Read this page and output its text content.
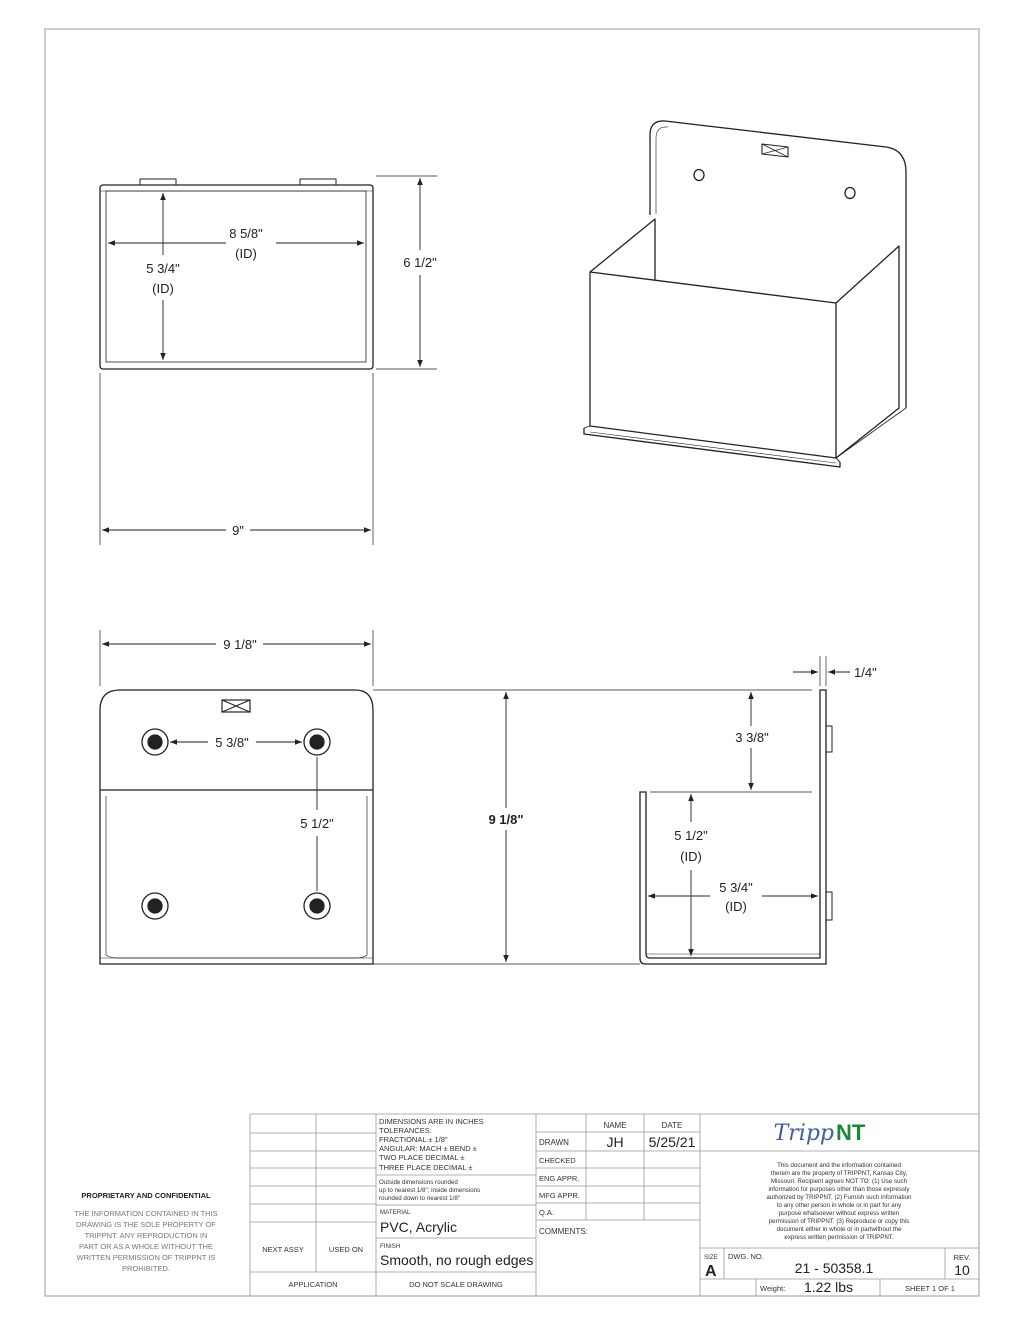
8 5/8"
(ID)
5 3/4"
(ID)
6 1/2"
9"
9 1/8"
5 3/8"
5 1/2"	9 1/8"
1/4"
3 3/8"
5 1/2"
(ID)
5 3/4"
(ID)
PROPRIETARY AND CONFIDENTIAL
THE INFORMATION CONTAINED IN THIS
DRAWING IS THE SOLE PROPERTY OF
TRIPPNT. ANY REPRODUCTION IN
PART OR AS A WHOLE WITHOUT THE
WRITTEN PERMISSION OF TRIPPNT IS
PROHIBITED.
NEXT ASSY	USED ON
APPLICATION	DO NOT SCALE DRAWING
DIMENSIONS ARE IN INCHES
TOLERANCES:
FRACTIONAL ± 1/8"
ANGULAR: MACH ± BEND ±
TWO PLACE DECIMAL ±
THREE PLACE DECIMAL ±
Outside dimensions rounded
up to nearest 1/8"; inside dimensions
rounded down to nearest 1/8"
MATERIAL
PVC, Acrylic
FINISH
Smooth, no rough edges
NAME	DATE
DRAWN	JH 5/25/21
CHECKED
ENG APPR.
MFG APPR.
Q.A.
COMMENTS:
Tripp NT
This document and the information contained
therein are the property of TRIPPNT, Kansas City,
Missouri. Recipient agrees NOT TO: (1) Use such
information for purposes other than those expressly
authorized by TRIPPNT. (2) Furnish such information
to any other person in whole or in part for any
purpose whatsoever without express written
permission of TRIPPNT. (3) Reproduce or copy this
document either in whole or in partwithout the
express written permission of TRIPPNT.
SIZE
A
DWG. NO.
21 - 50358.1
REV.
10
Weight: 1.22 lbs	SHEET 1 OF 1
